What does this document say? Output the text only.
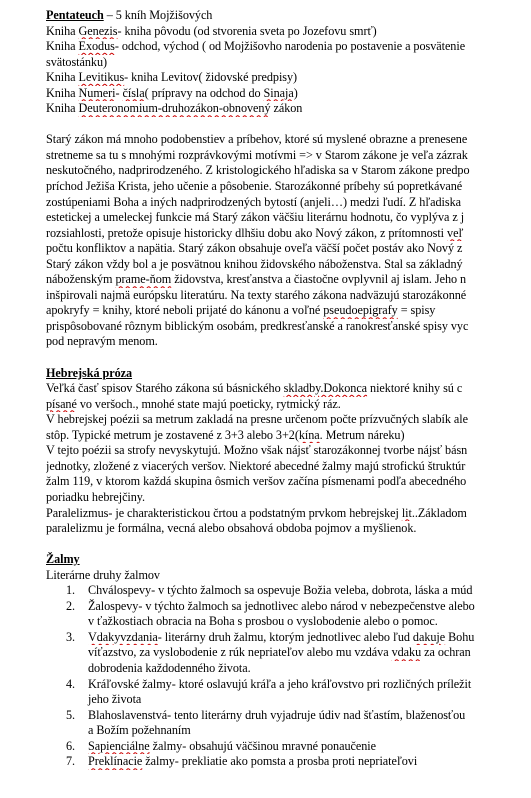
Pentateuch – 5 kníh Mojžišových
Kniha Genezis- kniha pôvodu (od stvorenia sveta po Jozefovu smrť)
Kniha Exodus- odchod, východ ( od Mojžišovho narodenia po postavenie a posvätenie
svätostánku)
Kniha Levitikus- kniha Levitov( židovské predpisy)
Kniha Numeri- čísla( prípravy na odchod do Sinaja)
Kniha Deuteronomium-druhozákon-obnovený zákon
Starý zákon má mnoho podobenstiev a príbehov, ktoré sú myslené obrazne a prenesene
stretneme sa tu s mnohými rozprávkovými motívmi => v Starom zákone je veľa zázrak
neskutočného, nadprirodzeného. Z kristologického hľadiska sa v Starom zákone predpo
príchod Ježiša Krista, jeho učenie a pôsobenie. Starozákonné príbehy sú popretkávané
zostúpeniami Boha a iných nadprirodzených bytostí (anjeli…) medzi ľudí. Z hľadiska
estetickej a umeleckej funkcie má Starý zákon väčšiu literárnu hodnotu, čo vyplýva z j
rozsiahlosti, pretože opisuje historicky dlhšiu dobu ako Nový zákon, z prítomnosti veľ
počtu konfliktov a napätia. Starý zákon obsahuje oveľa väčší počet postáv ako Nový z
Starý zákon vždy bol a je posvätnou knihou židovského náboženstva. Stal sa základný
náboženským prame-ňom židovstva, kresťanstva a čiastočne ovplyvnil aj islam. Jeho n
inšpirovali najmä európsku literatúru. Na texty starého zákona nadväzujú starozákonné
apokryfy = knihy, ktoré neboli prijaté do kánonu a voľné pseudoepigrafy = spisy
prispôsobované rôznym biblickým osobám, predkresťanské a ranokresťanské spisy vyc
pod nepravým menom.
Hebrejská próza
Veľká časť spisov Starého zákona sú básnického skladby.Dokonca niektoré knihy sú c
písané vo veršoch., mnohé state majú poeticky, rytmický ráz.
V hebrejskej poézii sa metrum zakladá na presne určenom počte prízvučných slabík ale
stôp. Typické metrum je zostavené z 3+3 alebo 3+2(kína. Metrum náreku)
V tejto poézii sa strofy nevyskytujú. Možno však nájsť starozákonnej tvorbe nájsť básn
jednotky, zložené z viacerých veršov. Niektoré abecedné žalmy majú strofickú štruktúr
žalm 119, v ktorom každá skupina ôsmich veršov začína písmenami podľa abecedného
poriadku hebrejčiny.
Paralelizmus- je charakteristickou črtou a podstatným prvkom hebrejskej lit..Základom
paralelizmu je formálna, vecná alebo obsahová obdoba pojmov a myšlienok.
Žalmy
Literárne druhy žalmov
1. Chválospevy- v týchto žalmoch sa ospevuje Božia veleba, dobrota, láska a múd
2. Žalospevy- v týchto žalmoch sa jednotlivec alebo národ v nebezpečenstve alebo
v ťažkostiach obracia na Boha s prosbou o vyslobodenie alebo o pomoc.
3. Vdakyvzdania- literárny druh žalmu, ktorým jednotlivec alebo ľud dakuje Bohu
víťazstvo, za vyslobodenie z rúk nepriateľov alebo mu vzdáva vdaku za ochran
dobrodenia každodenného života.
4. Kráľovské žalmy- ktoré oslavujú kráľa a jeho kráľovstvo pri rozličných príležit
jeho života
5. Blahoslavenstvá- tento literárny druh vyjadruje údiv nad šťastím, blaženosťou
a Božím požehnaním
6. Sapienciálne žalmy- obsahujú väčšinou mravné ponaučenie
7. Preklínacie žalmy- prekliatie ako pomsta a prosba proti nepriateľovi
